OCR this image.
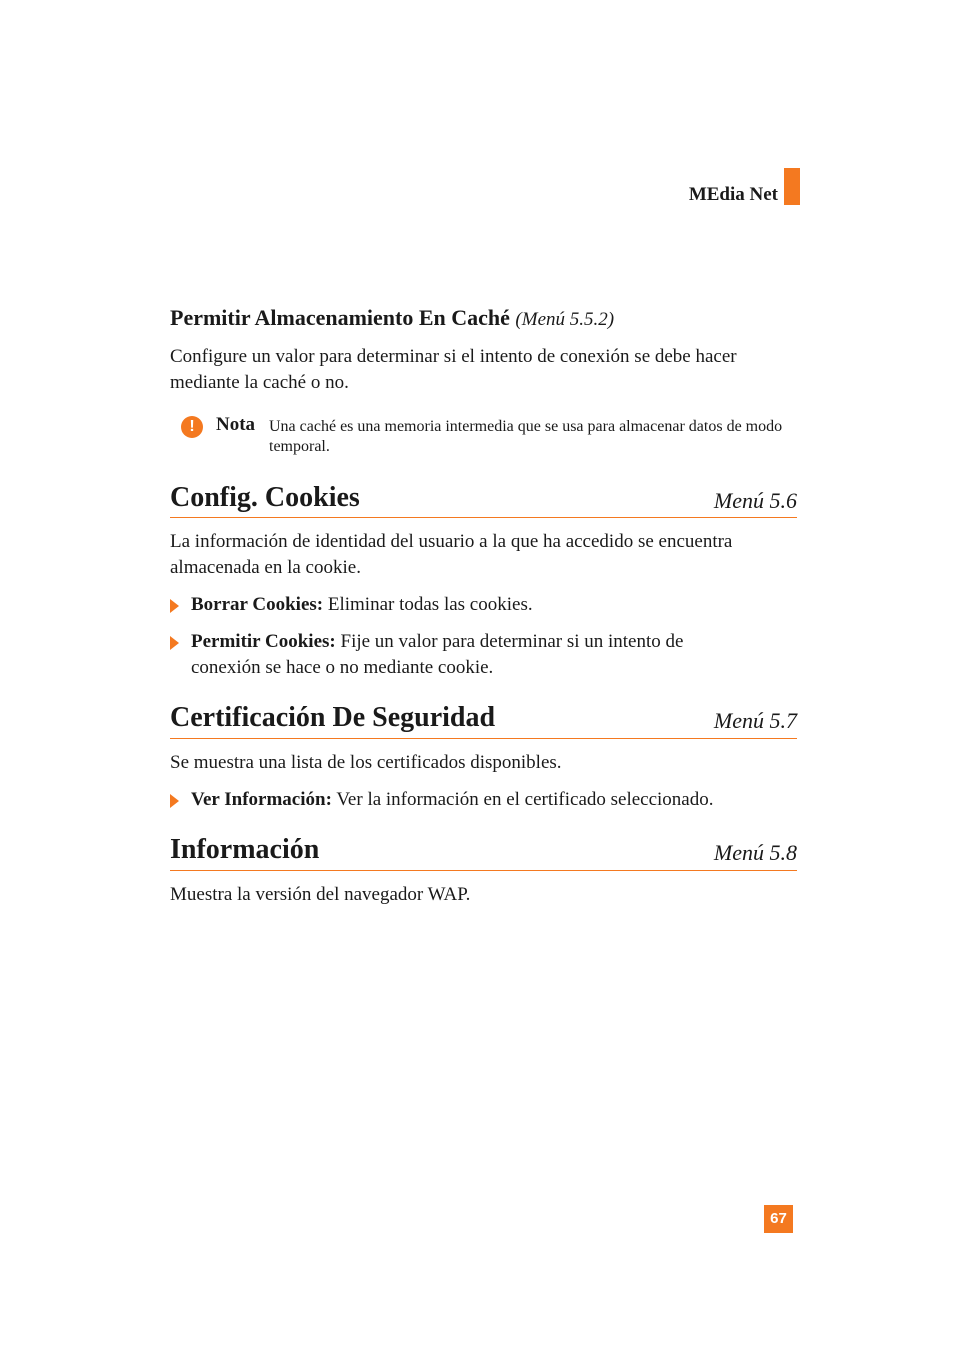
MEdia Net
Permitir Almacenamiento En Caché (Menú 5.5.2)
Configure un valor para determinar si el intento de conexión se debe hacer mediante la caché o no.
!	Nota Una caché es una memoria intermedia que se usa para almacenar datos de modo temporal.
Config. Cookies	Menú 5.6
La información de identidad del usuario a la que ha accedido se encuentra almacenada en la cookie.
Borrar Cookies: Eliminar todas las cookies.
Permitir Cookies: Fije un valor para determinar si un intento de conexión se hace o no mediante cookie.
Certificación De Seguridad	Menú 5.7
Se muestra una lista de los certificados disponibles.
Ver Información: Ver la información en el certificado seleccionado.
Información	Menú 5.8
Muestra la versión del navegador WAP.
67
